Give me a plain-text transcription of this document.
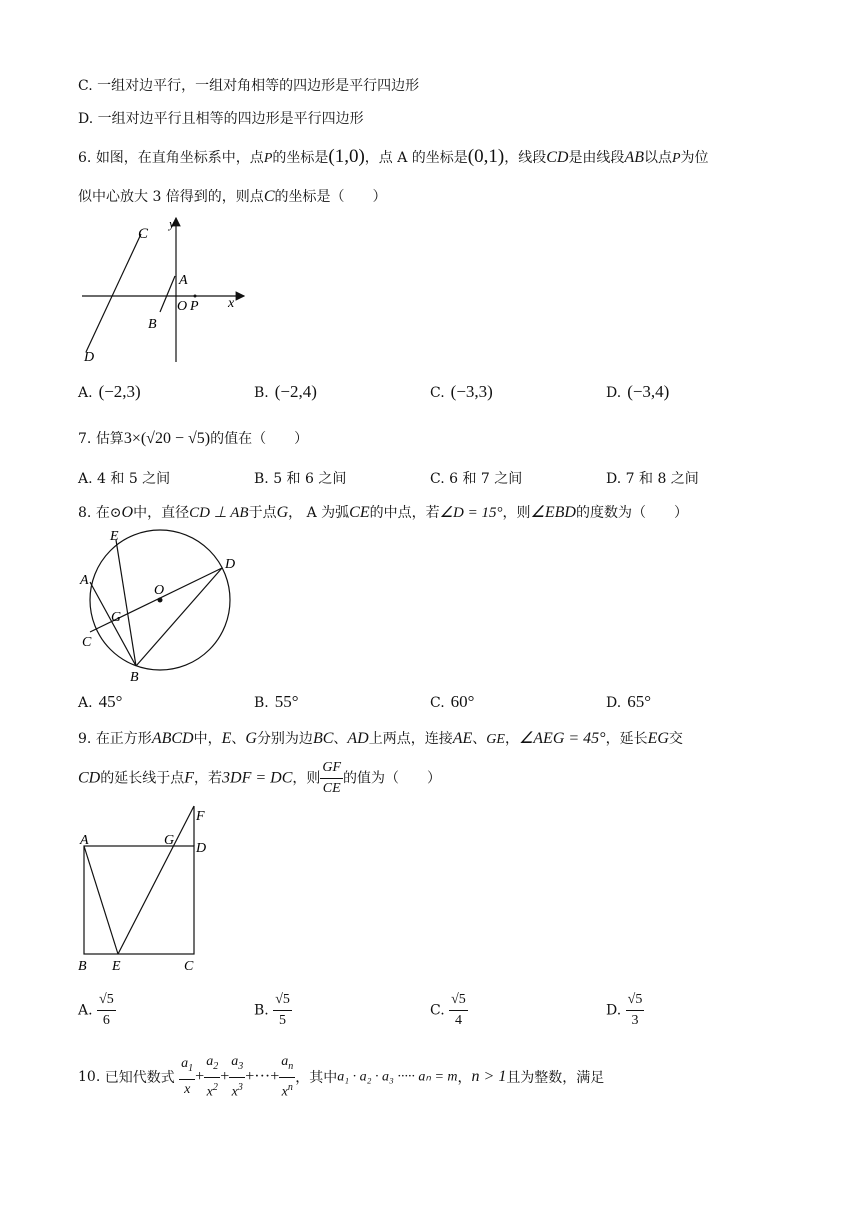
C. 一组对边平行，一组对角相等的四边形是平行四边形
D. 一组对边平行且相等的四边形是平行四边形
6. 如图，在直角坐标系中，点P的坐标是(1,0)，点 A 的坐标是(0,1)，线段CD是由线段AB以点P为位
似中心放大 3 倍得到的，则点C的坐标是（　　）
C
y
A
O P x
B
D
A. (−2,3)	B. (−2,4)	C. (−3,3)	D. (−3,4)
7. 估算3×(√20 − √5)的值在（　　）
A. 4 和 5 之间	B. 5 和 6 之间	C. 6 和 7 之间	D. 7 和 8 之间
8. 在⊙O中，直径CD ⊥ AB于点G， A 为弧CE的中点，若∠D = 15°，则∠EBD的度数为（　　）
E
A
O
D
G
C
B
A. 45°	B. 55°	C. 60°	D. 65°
9. 在正方形ABCD中，E、G分别为边BC、AD上两点，连接AE、GE，∠AEG = 45°，延长EG交
CD的延长线于点F，若3DF = DC，则 $\frac{GF}{CE}$ 的值为（　　）
F
A	G
D
B E	C
A. $\frac{√5}{6}$	B. $\frac{√5}{5}$	C. $\frac{√5}{4}$	D. $\frac{√5}{3}$
10. 已知代数式 $\frac{a_1}{x} + \frac{a_2}{x^2} + \frac{a_3}{x^3}$ +···+ $\frac{a_n}{x^n}$ ，其中a₁ · a₂ · a₃ ····· aₙ = m，n > 1且为整数，满足
